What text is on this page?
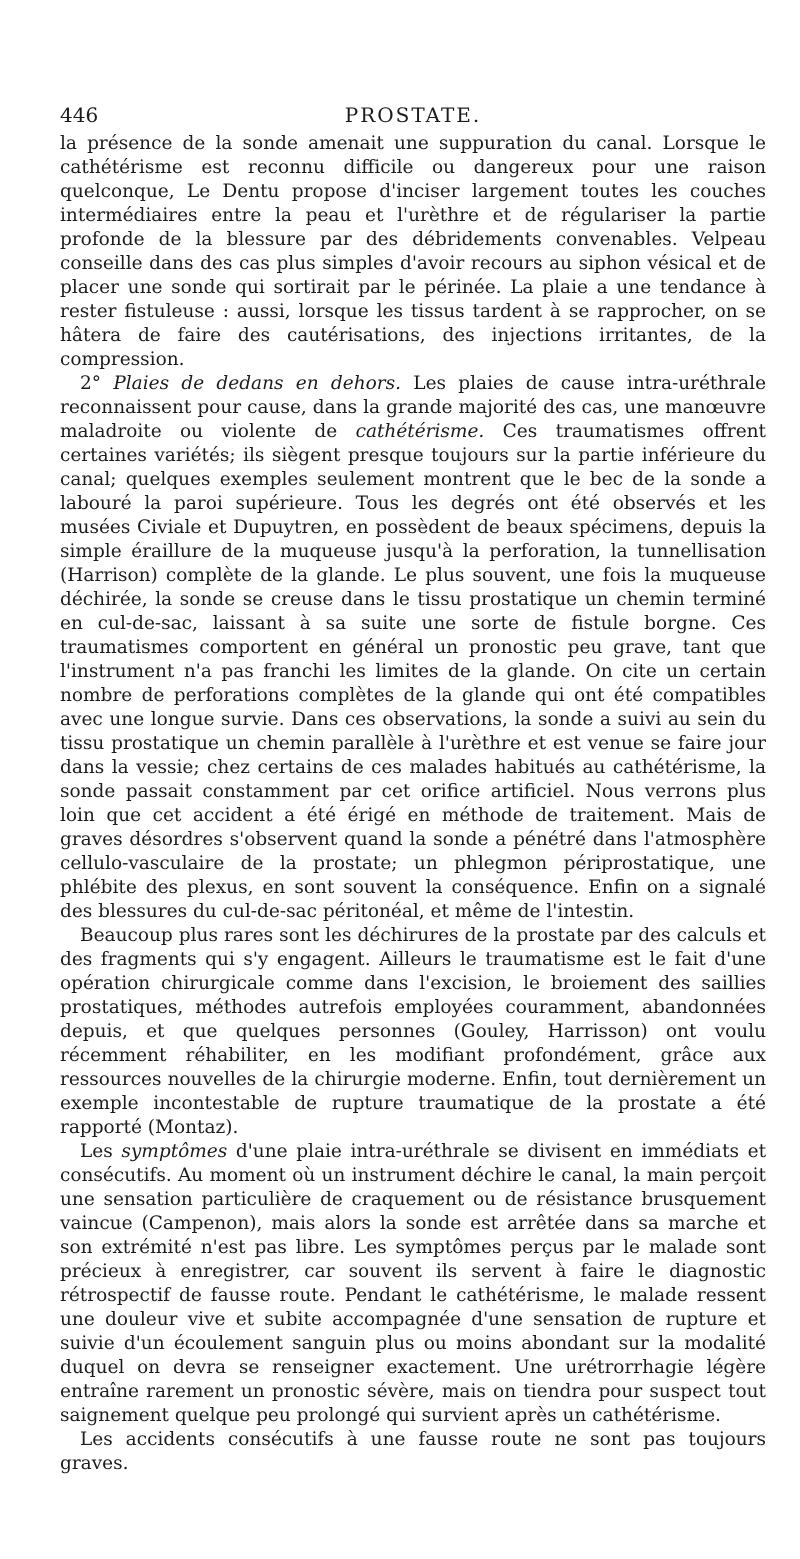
446	PROSTATE.

la présence de la sonde amenait une suppuration du canal. Lorsque le cathétérisme est reconnu difficile ou dangereux pour une raison quelconque, Le Dentu propose d'inciser largement toutes les couches intermédiaires entre la peau et l'urèthre et de régulariser la partie profonde de la blessure par des débridements convenables. Velpeau conseille dans des cas plus simples d'avoir recours au siphon vésical et de placer une sonde qui sortirait par le périnée. La plaie a une tendance à rester fistuleuse : aussi, lorsque les tissus tardent à se rapprocher, on se hâtera de faire des cautérisations, des injections irritantes, de la compression.

2° Plaies de dedans en dehors. Les plaies de cause intra-uréthrale reconnaissent pour cause, dans la grande majorité des cas, une manœuvre maladroite ou violente de cathétérisme. Ces traumatismes offrent certaines variétés; ils siègent presque toujours sur la partie inférieure du canal; quelques exemples seulement montrent que le bec de la sonde a labouré la paroi supérieure. Tous les degrés ont été observés et les musées Civiale et Dupuytren, en possèdent de beaux spécimens, depuis la simple éraillure de la muqueuse jusqu'à la perforation, la tunnellisation (Harrison) complète de la glande. Le plus souvent, une fois la muqueuse déchirée, la sonde se creuse dans le tissu prostatique un chemin terminé en cul-de-sac, laissant à sa suite une sorte de fistule borgne. Ces traumatismes comportent en général un pronostic peu grave, tant que l'instrument n'a pas franchi les limites de la glande. On cite un certain nombre de perforations complètes de la glande qui ont été compatibles avec une longue survie. Dans ces observations, la sonde a suivi au sein du tissu prostatique un chemin parallèle à l'urèthre et est venue se faire jour dans la vessie; chez certains de ces malades habitués au cathétérisme, la sonde passait constamment par cet orifice artificiel. Nous verrons plus loin que cet accident a été érigé en méthode de traitement. Mais de graves désordres s'observent quand la sonde a pénétré dans l'atmosphère cellulo-vasculaire de la prostate; un phlegmon périprostatique, une phlébite des plexus, en sont souvent la conséquence. Enfin on a signalé des blessures du cul-de-sac péritonéal, et même de l'intestin.

Beaucoup plus rares sont les déchirures de la prostate par des calculs et des fragments qui s'y engagent. Ailleurs le traumatisme est le fait d'une opération chirurgicale comme dans l'excision, le broiement des saillies prostatiques, méthodes autrefois employées couramment, abandonnées depuis, et que quelques personnes (Gouley, Harrisson) ont voulu récemment réhabiliter, en les modifiant profondément, grâce aux ressources nouvelles de la chirurgie moderne. Enfin, tout dernièrement un exemple incontestable de rupture traumatique de la prostate a été rapporté (Montaz).

Les symptômes d'une plaie intra-uréthrale se divisent en immédiats et consécutifs. Au moment où un instrument déchire le canal, la main perçoit une sensation particulière de craquement ou de résistance brusquement vaincue (Campenon), mais alors la sonde est arrêtée dans sa marche et son extrémité n'est pas libre. Les symptômes perçus par le malade sont précieux à enregistrer, car souvent ils servent à faire le diagnostic rétrospectif de fausse route. Pendant le cathétérisme, le malade ressent une douleur vive et subite accompagnée d'une sensation de rupture et suivie d'un écoulement sanguin plus ou moins abondant sur la modalité duquel on devra se renseigner exactement. Une urétrorrhagie légère entraîne rarement un pronostic sévère, mais on tiendra pour suspect tout saignement quelque peu prolongé qui survient après un cathétérisme.

Les accidents consécutifs à une fausse route ne sont pas toujours graves.
